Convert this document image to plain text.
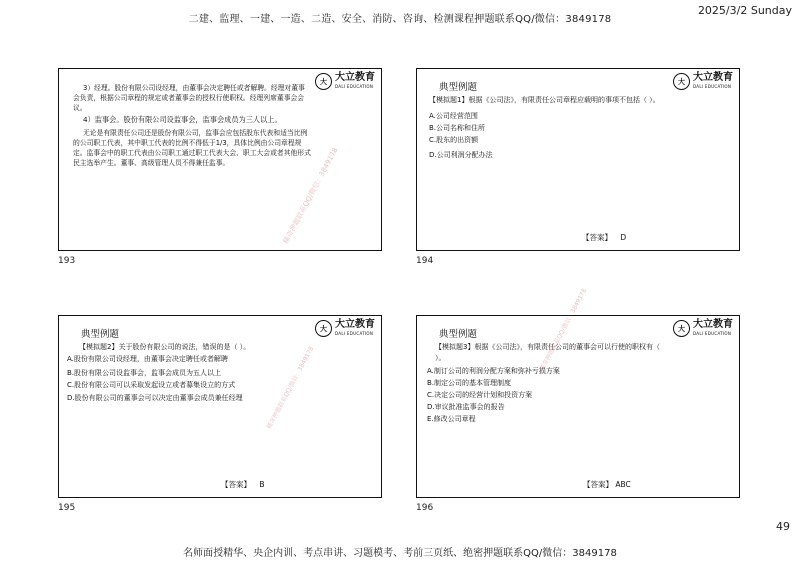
二建、监理、一建、一造、二造、安全、消防、咨询、检测课程押题联系QQ/微信：3849178
2025/3/2 Sunday
大 大立教育
DALI EDUCATION

3）经理。股份有限公司设经理，由董事会决定聘任或者解聘。经理对董事会负责，根据公司章程的规定或者董事会的授权行使职权。经理列席董事会会议。

4）监事会。股份有限公司设监事会，监事会成员为三人以上。

无论是有限责任公司还是股份有限公司，监事会应包括股东代表和适当比例的公司职工代表，其中职工代表的比例不得低于1/3，具体比例由公司章程规定。监事会中的职工代表由公司职工通过职工代表大会、职工大会或者其他形式民主选举产生。董事、高级管理人员不得兼任监事。	稀奇押题联系QQ/微信：3849178
193
大 大立教育
DALI EDUCATION
典型例题
【模拟题1】根据《公司法》，有限责任公司章程应载明的事项不包括（ ）。
A.公司经营范围
B.公司名称和住所
C.股东的出资额
D.公司利润分配办法
【答案】 D
194
大 大立教育
DALI EDUCATION
典型例题
【模拟题2】关于股份有限公司的说法，错误的是（ ）。
A.股份有限公司设经理，由董事会决定聘任或者解聘
B.股份有限公司设监事会，监事会成员为五人以上
C.股份有限公司可以采取发起设立或者募集设立的方式
D.股份有限公司的董事会可以决定由董事会成员兼任经理	稀奇押题联系QQ/微信：3849178
【答案】 B
195
大 大立教育
DALI EDUCATION
典型例题
【模拟题3】根据《公司法》，有限责任公司的董事会可以行使的职权有（ ）。
A.制订公司的利润分配方案和弥补亏损方案
B.制定公司的基本管理制度
C.决定公司的经营计划和投资方案
D.审议批准监事会的报告
E.修改公司章程
稀奇押题联系QQ/微信：3849178
【答案】 ABC
196
49
名师面授精华、央企内训、考点串讲、习题模考、考前三页纸、绝密押题联系QQ/微信：3849178
